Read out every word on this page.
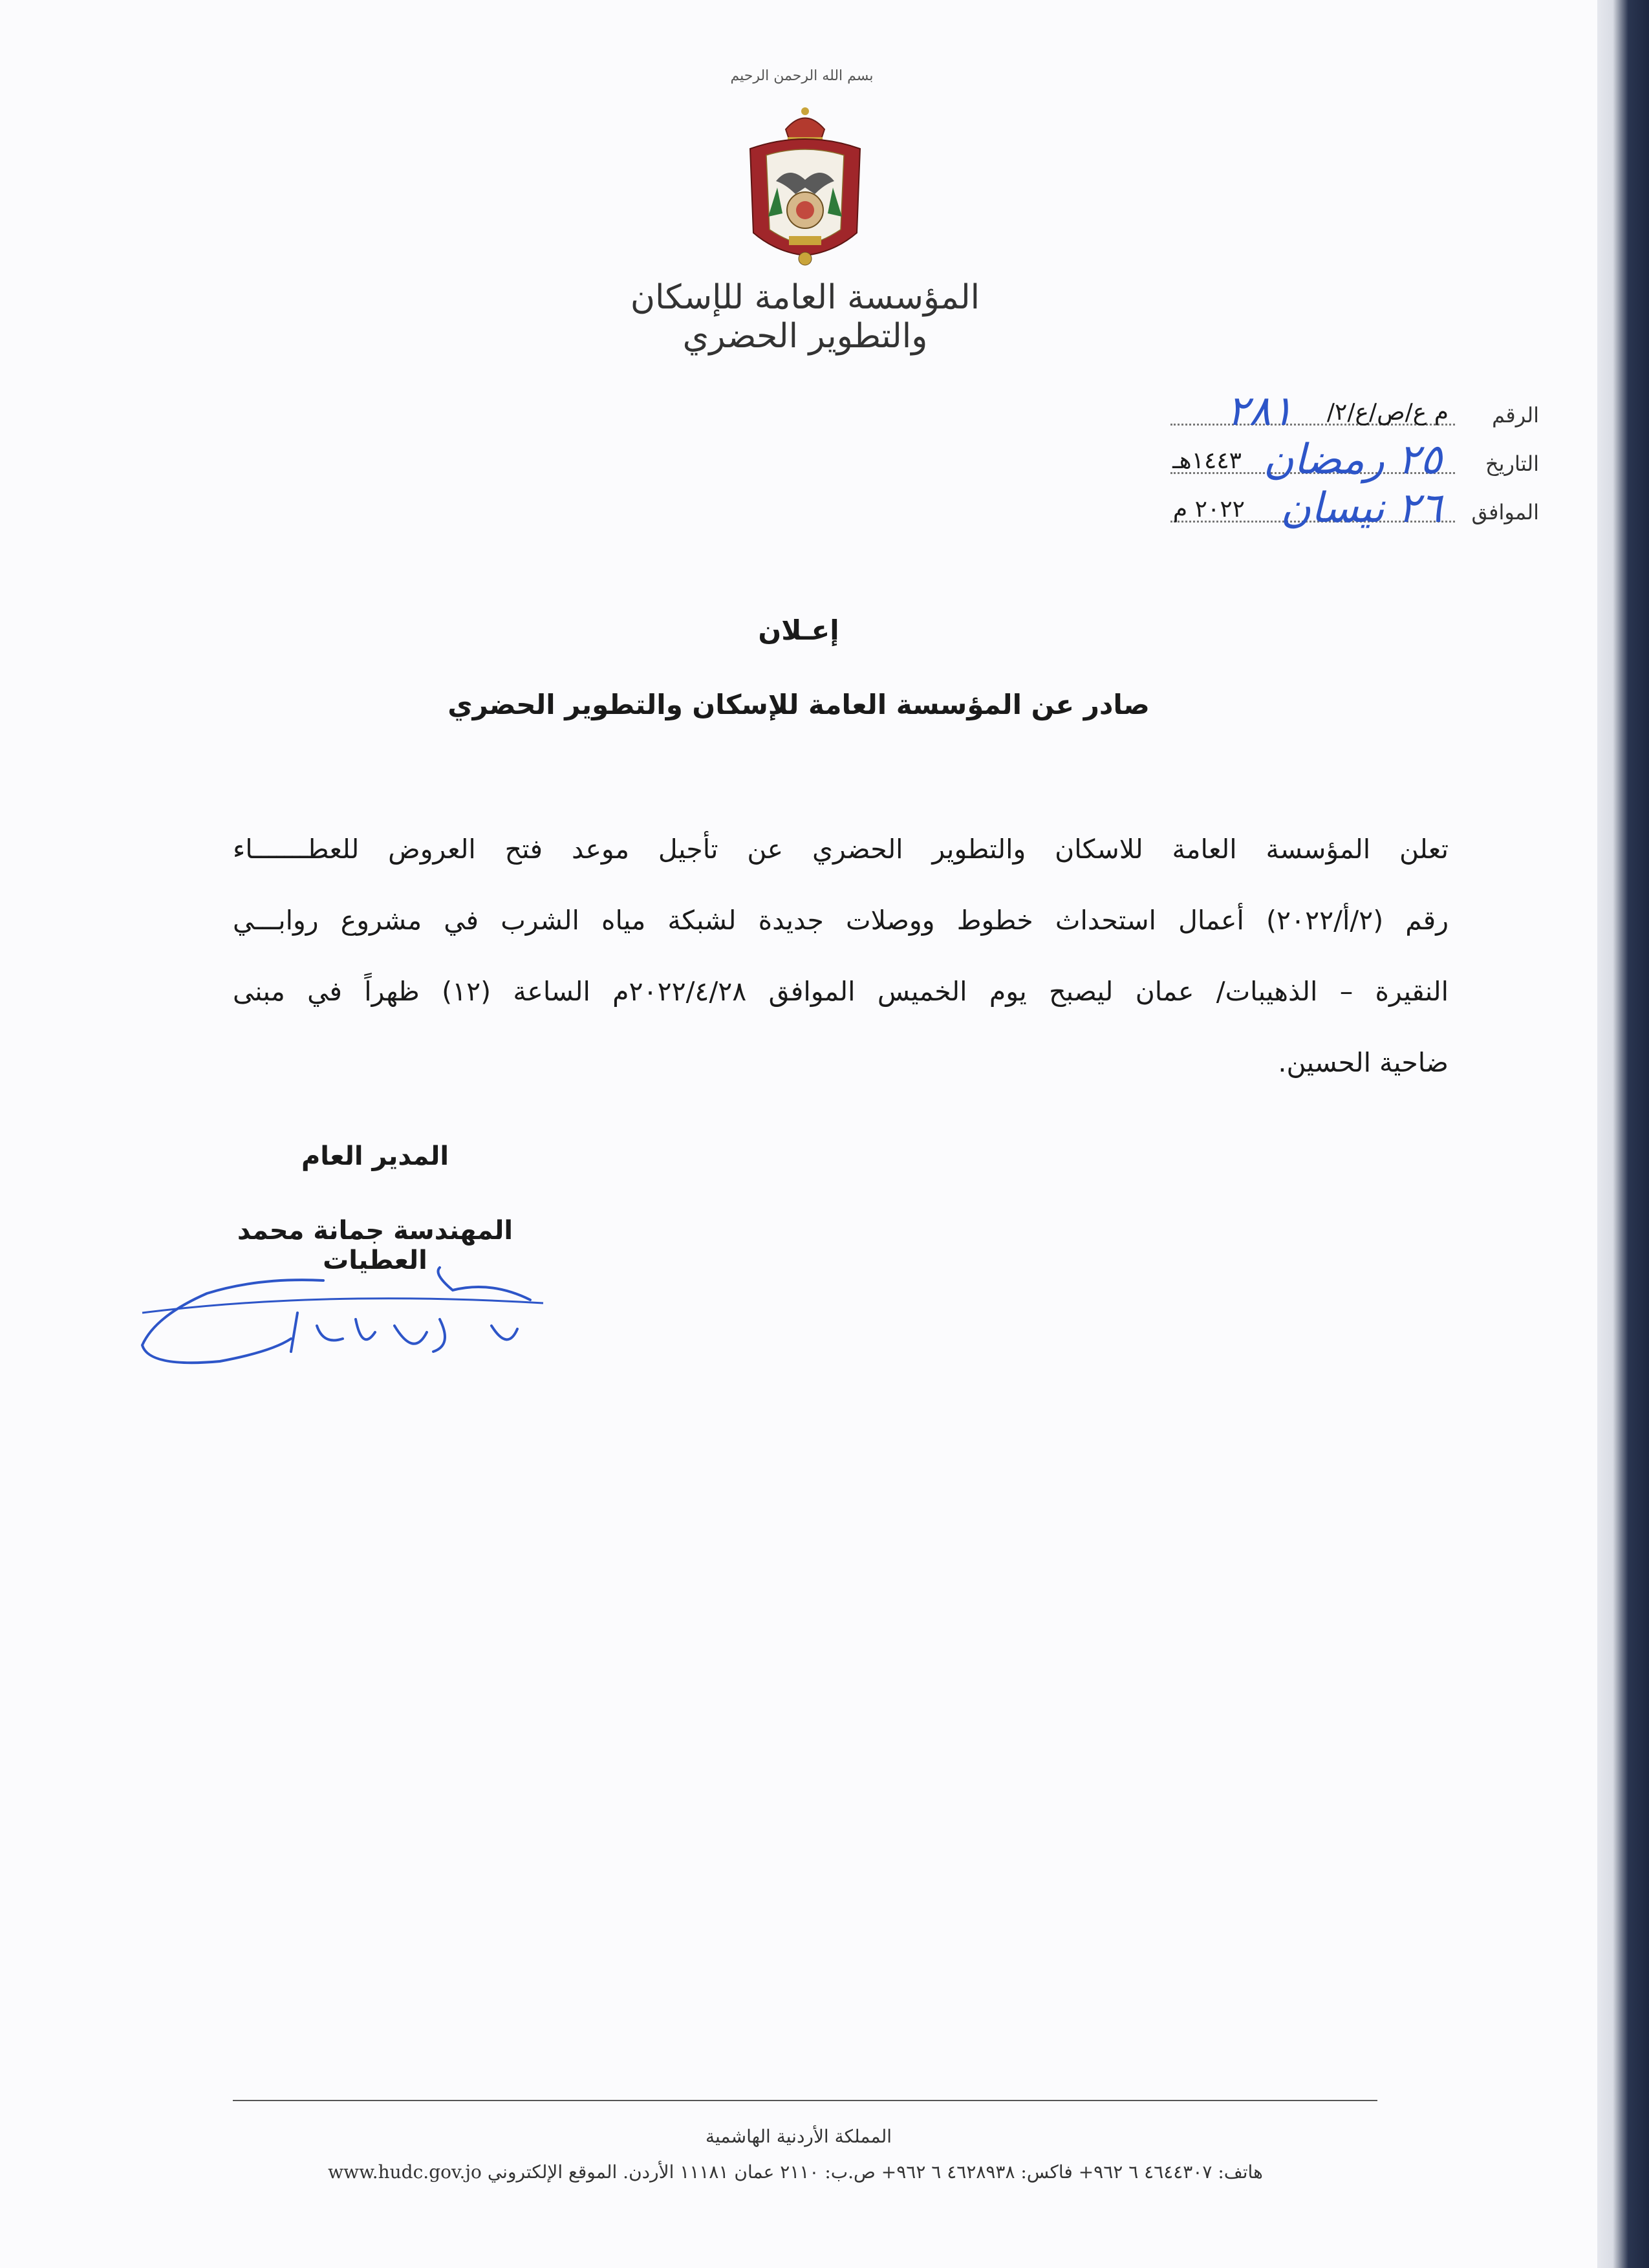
بسم الله الرحمن الرحيم
المؤسسة العامة للإسكان والتطوير الحضري
الرقم
م ع/ص/ع/٢/
٢٨١
التاريخ
٢٥ رمضان
١٤٤٣هـ
الموافق
٢٦ نيسان
٢٠٢٢ م
إعـلان
صادر عن المؤسسة العامة للإسكان والتطوير الحضري
تعلن المؤسسة العامة للاسكان والتطوير الحضري عن تأجيل موعد فتح العروض للعطـــــــاء
رقم (٢/أ/٢٠٢٢) أعمال استحداث خطوط ووصلات جديدة لشبكة مياه الشرب في مشروع روابـــي
النقيرة – الذهيبات/ عمان ليصبح يوم الخميس الموافق ٢٠٢٢/٤/٢٨م الساعة (١٢) ظهراً في مبنى
ضاحية الحسين.
المدير العام
المهندسة جمانة محمد العطيات
المملكة الأردنية الهاشمية
هاتف: ٤٦٤٤٣٠٧ ٦ ٩٦٢+ فاكس: ٤٦٢٨٩٣٨ ٦ ٩٦٢+ ص.ب: ٢١١٠ عمان ١١١٨١ الأردن. الموقع الإلكتروني www.hudc.gov.jo
